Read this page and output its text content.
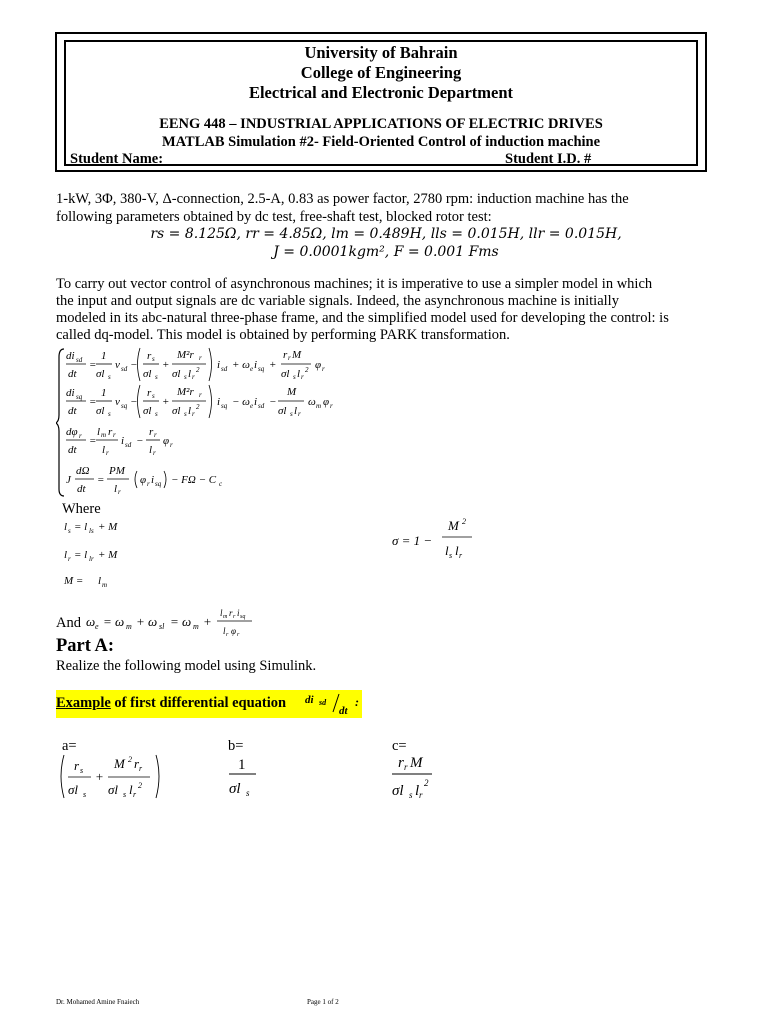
University of Bahrain
College of Engineering
Electrical and Electronic Department
EENG 448 – INDUSTRIAL APPLICATIONS OF ELECTRIC DRIVES
MATLAB Simulation #2- Field-Oriented Control of induction machine
Student Name:	Student I.D. #
1-kW, 3Φ, 380-V, Δ-connection, 2.5-A, 0.83 as power factor, 2780 rpm: induction machine has the
following parameters obtained by dc test, free-shaft test, blocked rotor test:
rs = 8.125Ω, rr = 4.85Ω, lm = 0.489H, lls = 0.015H, llr = 0.015H,
J = 0.0001kgm², F = 0.001 Fms
To carry out vector control of asynchronous machines; it is imperative to use a simpler model in which
the input and output signals are dc variable signals. Indeed, the asynchronous machine is initially
modeled in its abc-natural three-phase frame, and the simplified model used for developing the control: is
called dq-model. This model is obtained by performing PARK transformation.
di sd
dt
=
1
σl s
v sd −
r s
σl s
+
M²r r
σl s l r
2 i sd + ω e i sq +
r r M
σl s l r
2 φ r
di sq
dt
=
1
σl s
v sq −
r s
σl s
+
M²r r
σl s l r
2 i sq − ω e i sd −
M
σl s l r
ω m φ r
dφ r
dt
=
l m r r
l r
i sd −
r r
l r
φ r
J
dΩ
dt
=
PM
l r
φ r i sq − FΩ − C c
Where
l s = l ls + M
l r = l lr + M
M = l m
σ = 1 −
M 2
l s l r
And ω e = ω m + ω sl = ω m +
l m r r i sq
l r φ r
Part A:
Realize the following model using Simulink.
Example of first differential equation di sd
dt
:
a=	b=	c=
r s
σl s
+
M 2 r r
σl s l r
2
1
σl s
r r M
σl s l r
2
Dr. Mohamed Amine Fnaiech	Page 1 of 2
